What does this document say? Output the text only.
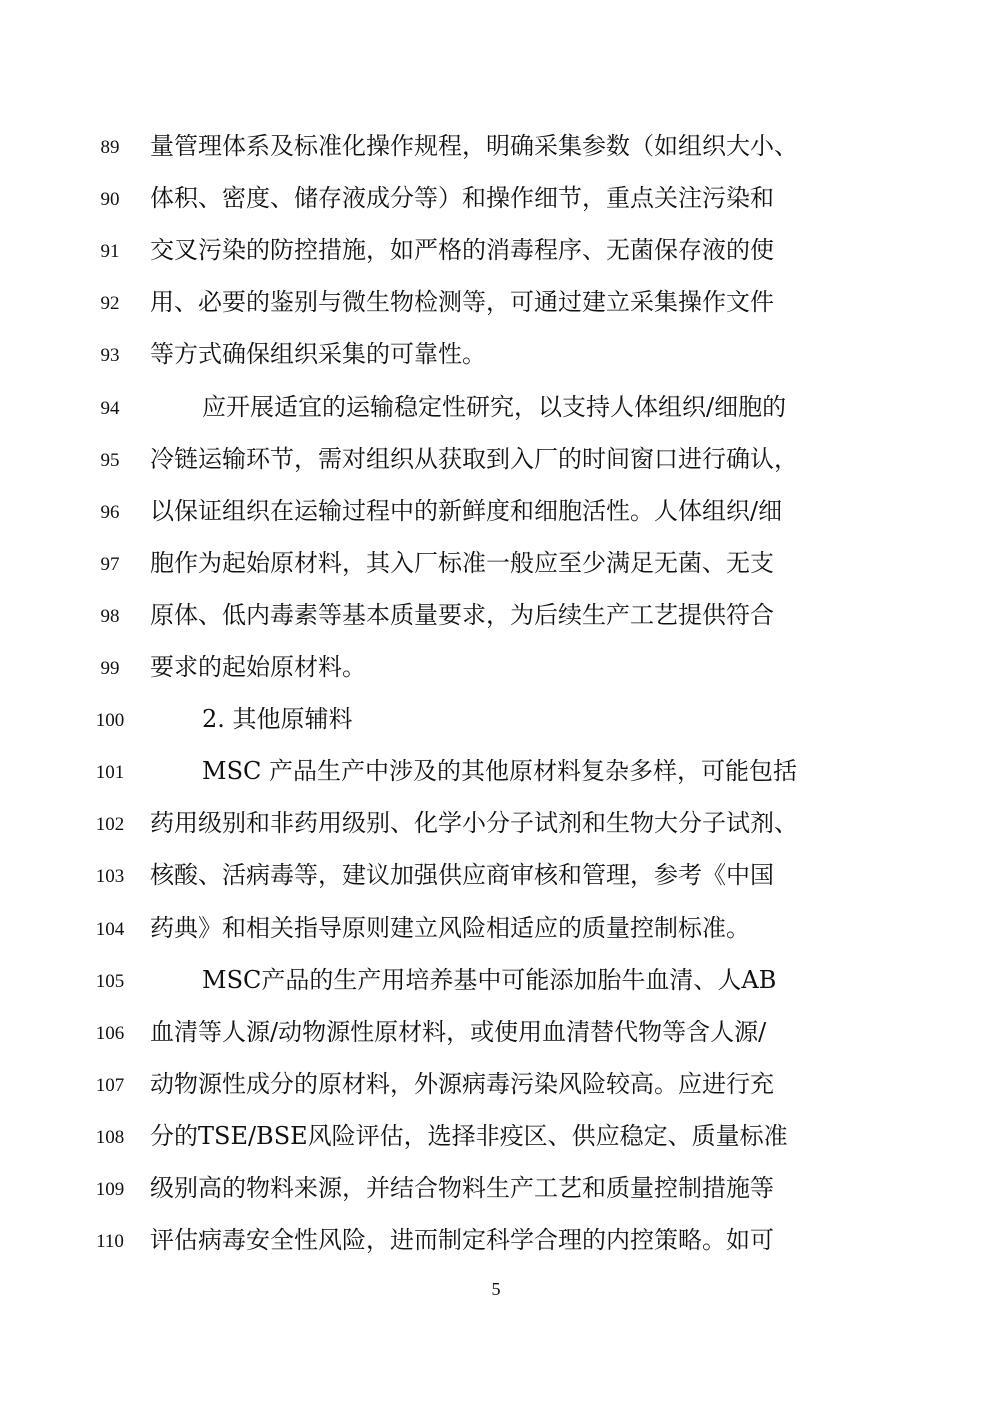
89	量管理体系及标准化操作规程，明确采集参数（如组织大小、
90	体积、密度、储存液成分等）和操作细节，重点关注污染和
91	交叉污染的防控措施，如严格的消毒程序、无菌保存液的使
92	用、必要的鉴别与微生物检测等，可通过建立采集操作文件
93	等方式确保组织采集的可靠性。
94	应开展适宜的运输稳定性研究，以支持人体组织/细胞的
95	冷链运输环节，需对组织从获取到入厂的时间窗口进行确认，
96	以保证组织在运输过程中的新鲜度和细胞活性。人体组织/细
97	胞作为起始原材料，其入厂标准一般应至少满足无菌、无支
98	原体、低内毒素等基本质量要求，为后续生产工艺提供符合
99	要求的起始原材料。
100	2. 其他原辅料
101	MSC 产品生产中涉及的其他原材料复杂多样，可能包括
102	药用级别和非药用级别、化学小分子试剂和生物大分子试剂、
103	核酸、活病毒等，建议加强供应商审核和管理，参考《中国
104	药典》和相关指导原则建立风险相适应的质量控制标准。
105	MSC产品的生产用培养基中可能添加胎牛血清、人AB
106	血清等人源/动物源性原材料，或使用血清替代物等含人源/
107	动物源性成分的原材料，外源病毒污染风险较高。应进行充
108	分的TSE/BSE风险评估，选择非疫区、供应稳定、质量标准
109	级别高的物料来源，并结合物料生产工艺和质量控制措施等
110	评估病毒安全性风险，进而制定科学合理的内控策略。如可
5
